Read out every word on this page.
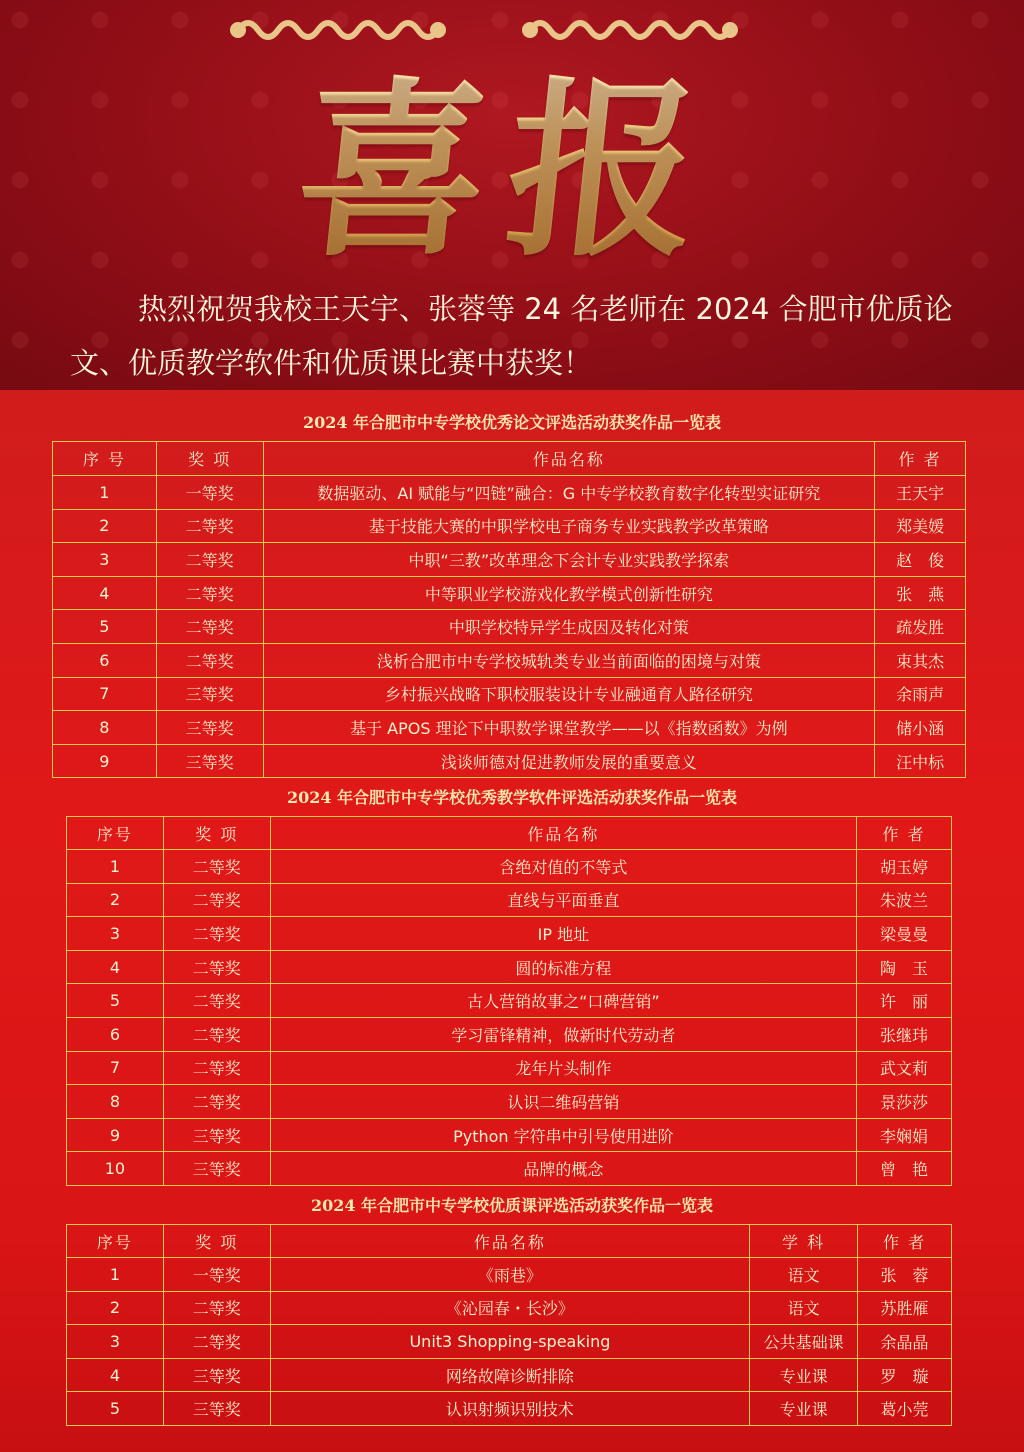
喜报
热烈祝贺我校王天宇、张蓉等 24 名老师在 2024 合肥市优质论文、优质教学软件和优质课比赛中获奖！
2024 年合肥市中专学校优秀论文评选活动获奖作品一览表
序 号	奖 项	作品名称	作 者
1	一等奖	数据驱动、AI 赋能与“四链”融合：G 中专学校教育数字化转型实证研究	王天宇
2	二等奖	基于技能大赛的中职学校电子商务专业实践教学改革策略	郑美媛
3	二等奖	中职“三教”改革理念下会计专业实践教学探索	赵　俊
4	二等奖	中等职业学校游戏化教学模式创新性研究	张　燕
5	二等奖	中职学校特异学生成因及转化对策	疏发胜
6	二等奖	浅析合肥市中专学校城轨类专业当前面临的困境与对策	束其杰
7	三等奖	乡村振兴战略下职校服装设计专业融通育人路径研究	余雨声
8	三等奖	基于 APOS 理论下中职数学课堂教学——以《指数函数》为例	储小涵
9	三等奖	浅谈师德对促进教师发展的重要意义	汪中标
2024 年合肥市中专学校优秀教学软件评选活动获奖作品一览表
序号	奖 项	作品名称	作 者
1	二等奖	含绝对值的不等式	胡玉婷
2	二等奖	直线与平面垂直	朱波兰
3	二等奖	IP 地址	梁曼曼
4	二等奖	圆的标准方程	陶　玉
5	二等奖	古人营销故事之“口碑营销”	许　丽
6	二等奖	学习雷锋精神，做新时代劳动者	张继玮
7	二等奖	龙年片头制作	武文莉
8	二等奖	认识二维码营销	景莎莎
9	三等奖	Python 字符串中引号使用进阶	李娴娟
10	三等奖	品牌的概念	曾　艳
2024 年合肥市中专学校优质课评选活动获奖作品一览表
序号	奖 项	作品名称	学 科	作 者
1	一等奖	《雨巷》	语文	张　蓉
2	二等奖	《沁园春・长沙》	语文	苏胜雁
3	二等奖	Unit3 Shopping-speaking	公共基础课	余晶晶
4	三等奖	网络故障诊断排除	专业课	罗　璇
5	三等奖	认识射频识别技术	专业课	葛小莞
